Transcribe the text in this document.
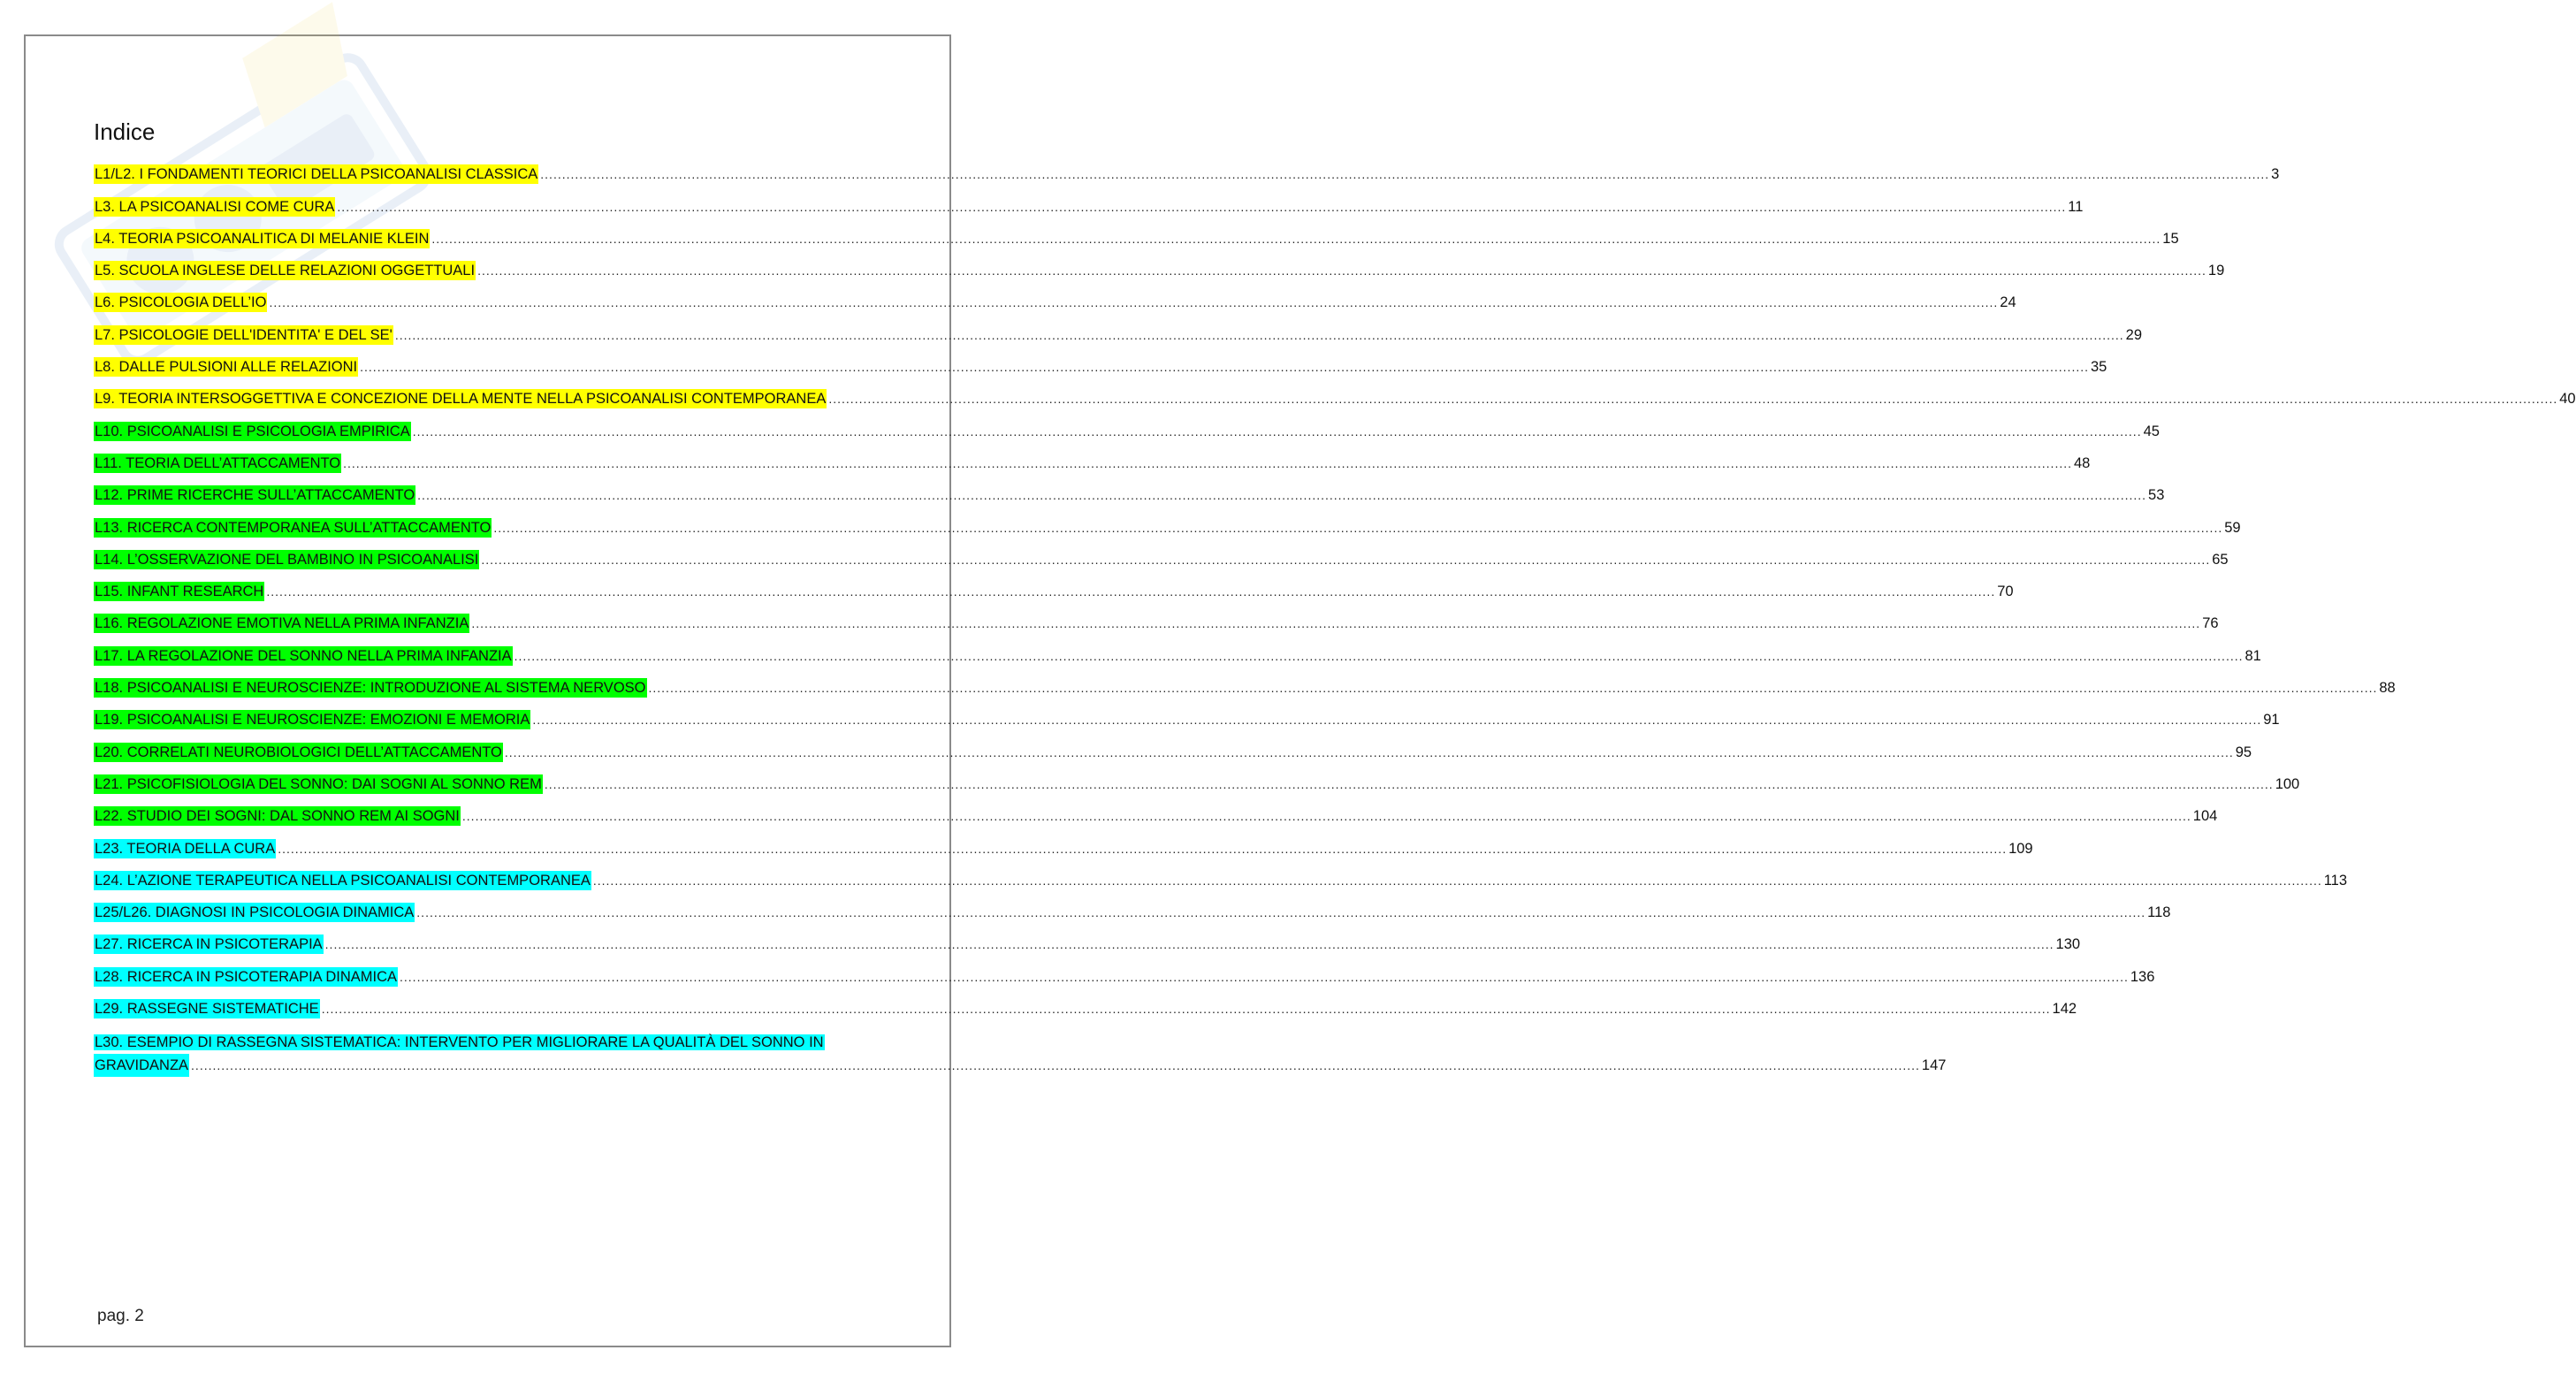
Indice
L1/L2. I FONDAMENTI TEORICI DELLA PSICOANALISI CLASSICA ................................................................................................................................................................................................................................................................................................................................................................................................................ 3
L3. LA PSICOANALISI COME CURA ................................................................................................................................................................................................................................................................................................................................................................................................................ 11
L4. TEORIA PSICOANALITICA DI MELANIE KLEIN ................................................................................................................................................................................................................................................................................................................................................................................................................ 15
L5. SCUOLA INGLESE DELLE RELAZIONI OGGETTUALI ................................................................................................................................................................................................................................................................................................................................................................................................................ 19
L6. PSICOLOGIA DELL’IO ................................................................................................................................................................................................................................................................................................................................................................................................................ 24
L7. PSICOLOGIE DELL'IDENTITA' E DEL SE' ................................................................................................................................................................................................................................................................................................................................................................................................................ 29
L8. DALLE PULSIONI ALLE RELAZIONI ................................................................................................................................................................................................................................................................................................................................................................................................................ 35
L9. TEORIA INTERSOGGETTIVA E CONCEZIONE DELLA MENTE NELLA PSICOANALISI CONTEMPORANEA ................................................................................................................................................................................................................................................................................................................................................................................................................ 40
L10. PSICOANALISI E PSICOLOGIA EMPIRICA ................................................................................................................................................................................................................................................................................................................................................................................................................ 45
L11. TEORIA DELL’ATTACCAMENTO ................................................................................................................................................................................................................................................................................................................................................................................................................ 48
L12. PRIME RICERCHE SULL’ATTACCAMENTO ................................................................................................................................................................................................................................................................................................................................................................................................................ 53
L13. RICERCA CONTEMPORANEA SULL’ATTACCAMENTO ................................................................................................................................................................................................................................................................................................................................................................................................................ 59
L14. L’OSSERVAZIONE DEL BAMBINO IN PSICOANALISI ................................................................................................................................................................................................................................................................................................................................................................................................................ 65
L15. INFANT RESEARCH ................................................................................................................................................................................................................................................................................................................................................................................................................ 70
L16. REGOLAZIONE EMOTIVA NELLA PRIMA INFANZIA ................................................................................................................................................................................................................................................................................................................................................................................................................ 76
L17. LA REGOLAZIONE DEL SONNO NELLA PRIMA INFANZIA ................................................................................................................................................................................................................................................................................................................................................................................................................ 81
L18. PSICOANALISI E NEUROSCIENZE: INTRODUZIONE AL SISTEMA NERVOSO ................................................................................................................................................................................................................................................................................................................................................................................................................ 88
L19. PSICOANALISI E NEUROSCIENZE: EMOZIONI E MEMORIA ................................................................................................................................................................................................................................................................................................................................................................................................................ 91
L20. CORRELATI NEUROBIOLOGICI DELL’ATTACCAMENTO ................................................................................................................................................................................................................................................................................................................................................................................................................ 95
L21. PSICOFISIOLOGIA DEL SONNO: DAI SOGNI AL SONNO REM ................................................................................................................................................................................................................................................................................................................................................................................................................ 100
L22. STUDIO DEI SOGNI: DAL SONNO REM AI SOGNI ................................................................................................................................................................................................................................................................................................................................................................................................................ 104
L23. TEORIA DELLA CURA ................................................................................................................................................................................................................................................................................................................................................................................................................ 109
L24. L’AZIONE TERAPEUTICA NELLA PSICOANALISI CONTEMPORANEA ................................................................................................................................................................................................................................................................................................................................................................................................................ 113
L25/L26. DIAGNOSI IN PSICOLOGIA DINAMICA ................................................................................................................................................................................................................................................................................................................................................................................................................ 118
L27. RICERCA IN PSICOTERAPIA ................................................................................................................................................................................................................................................................................................................................................................................................................ 130
L28. RICERCA IN PSICOTERAPIA DINAMICA ................................................................................................................................................................................................................................................................................................................................................................................................................ 136
L29. RASSEGNE SISTEMATICHE ................................................................................................................................................................................................................................................................................................................................................................................................................ 142
L30. ESEMPIO DI RASSEGNA SISTEMATICA: INTERVENTO PER MIGLIORARE LA QUALITÀ DEL SONNO IN
GRAVIDANZA ................................................................................................................................................................................................................................................................................................................................................................................................................ 147
pag. 2
